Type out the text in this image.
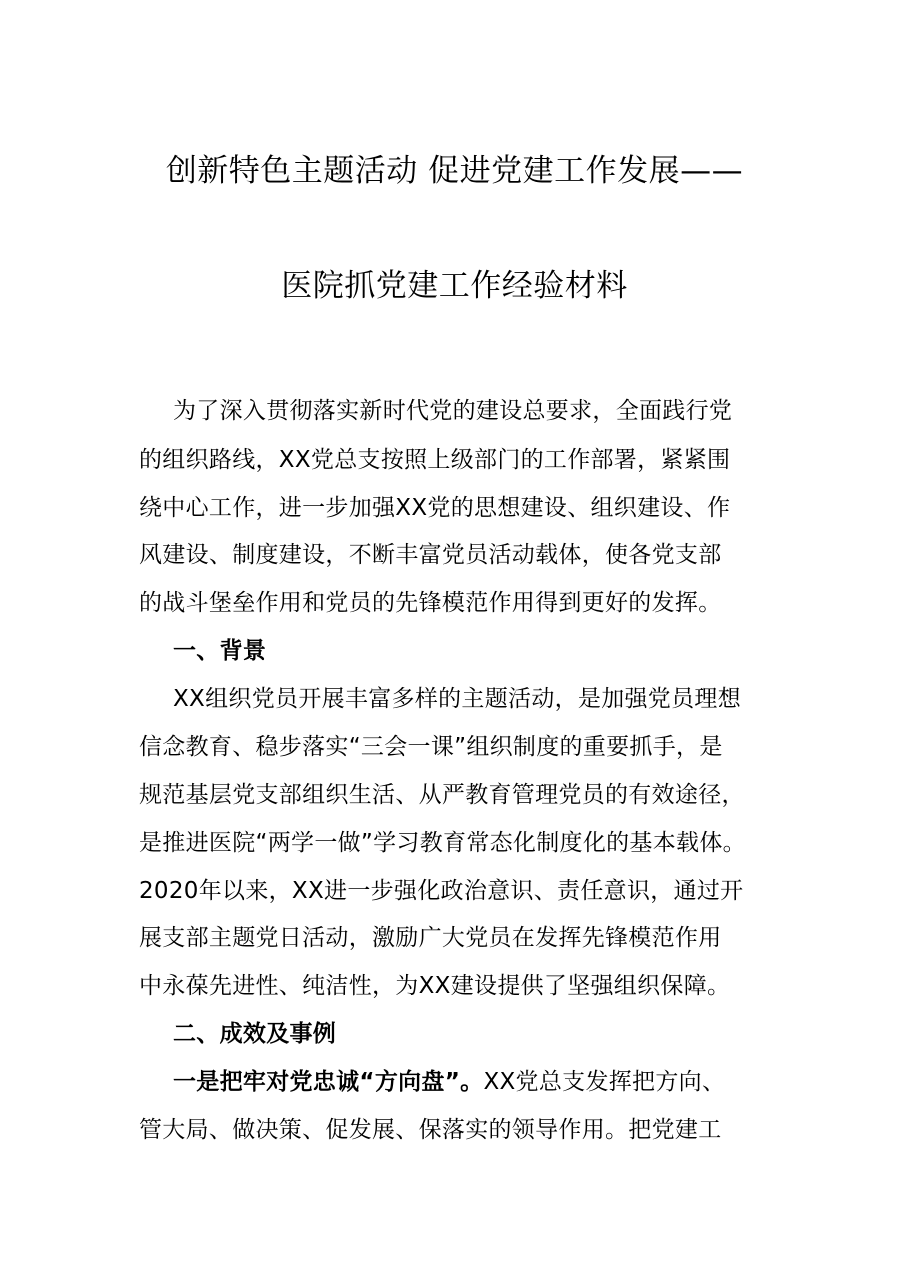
创新特色主题活动 促进党建工作发展——
医院抓党建工作经验材料
为了深入贯彻落实新时代党的建设总要求，全面践行党
的组织路线，XX党总支按照上级部门的工作部署，紧紧围
绕中心工作，进一步加强XX党的思想建设、组织建设、作
风建设、制度建设，不断丰富党员活动载体，使各党支部
的战斗堡垒作用和党员的先锋模范作用得到更好的发挥。
一、背景
XX组织党员开展丰富多样的主题活动，是加强党员理想
信念教育、稳步落实“三会一课”组织制度的重要抓手，是
规范基层党支部组织生活、从严教育管理党员的有效途径，
是推进医院“两学一做”学习教育常态化制度化的基本载体。
2020年以来，XX进一步强化政治意识、责任意识，通过开
展支部主题党日活动，激励广大党员在发挥先锋模范作用
中永葆先进性、纯洁性，为XX建设提供了坚强组织保障。
二、成效及事例
一是把牢对党忠诚“方向盘”。XX党总支发挥把方向、
管大局、做决策、促发展、保落实的领导作用。把党建工
